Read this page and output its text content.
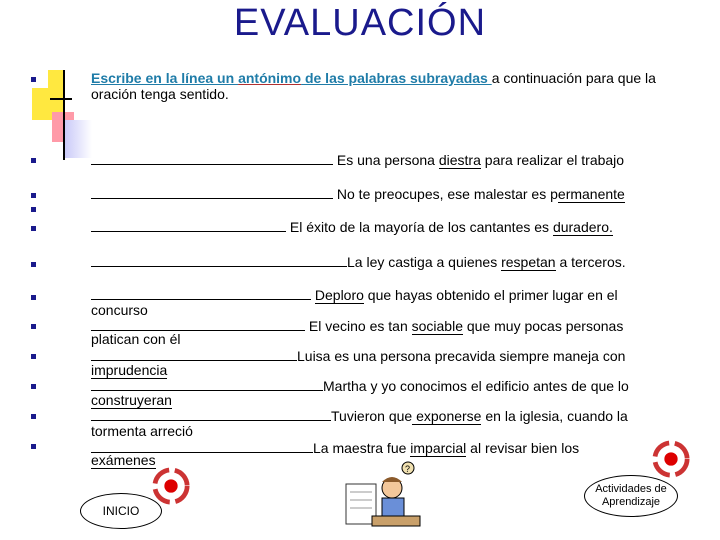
EVALUACIÓN
Escribe en la línea un antónimo de las palabras subrayadas a continuación para que la oración tenga sentido.
Es una persona diestra para realizar el trabajo
No te preocupes, ese malestar es permanente
El éxito de la mayoría de los cantantes es duradero.
La ley castiga a quienes respetan a terceros.
Deploro que hayas obtenido el primer lugar en el
concurso
El vecino es tan sociable que muy pocas personas
platican con él
Luisa es una persona precavida siempre maneja con
imprudencia
Martha y yo conocimos el edificio antes de que lo
construyeran
Tuvieron que exponerse en la iglesia, cuando la
tormenta arreció
La maestra fue imparcial al revisar bien los
exámenes
?
INICIO
Actividades de Aprendizaje
